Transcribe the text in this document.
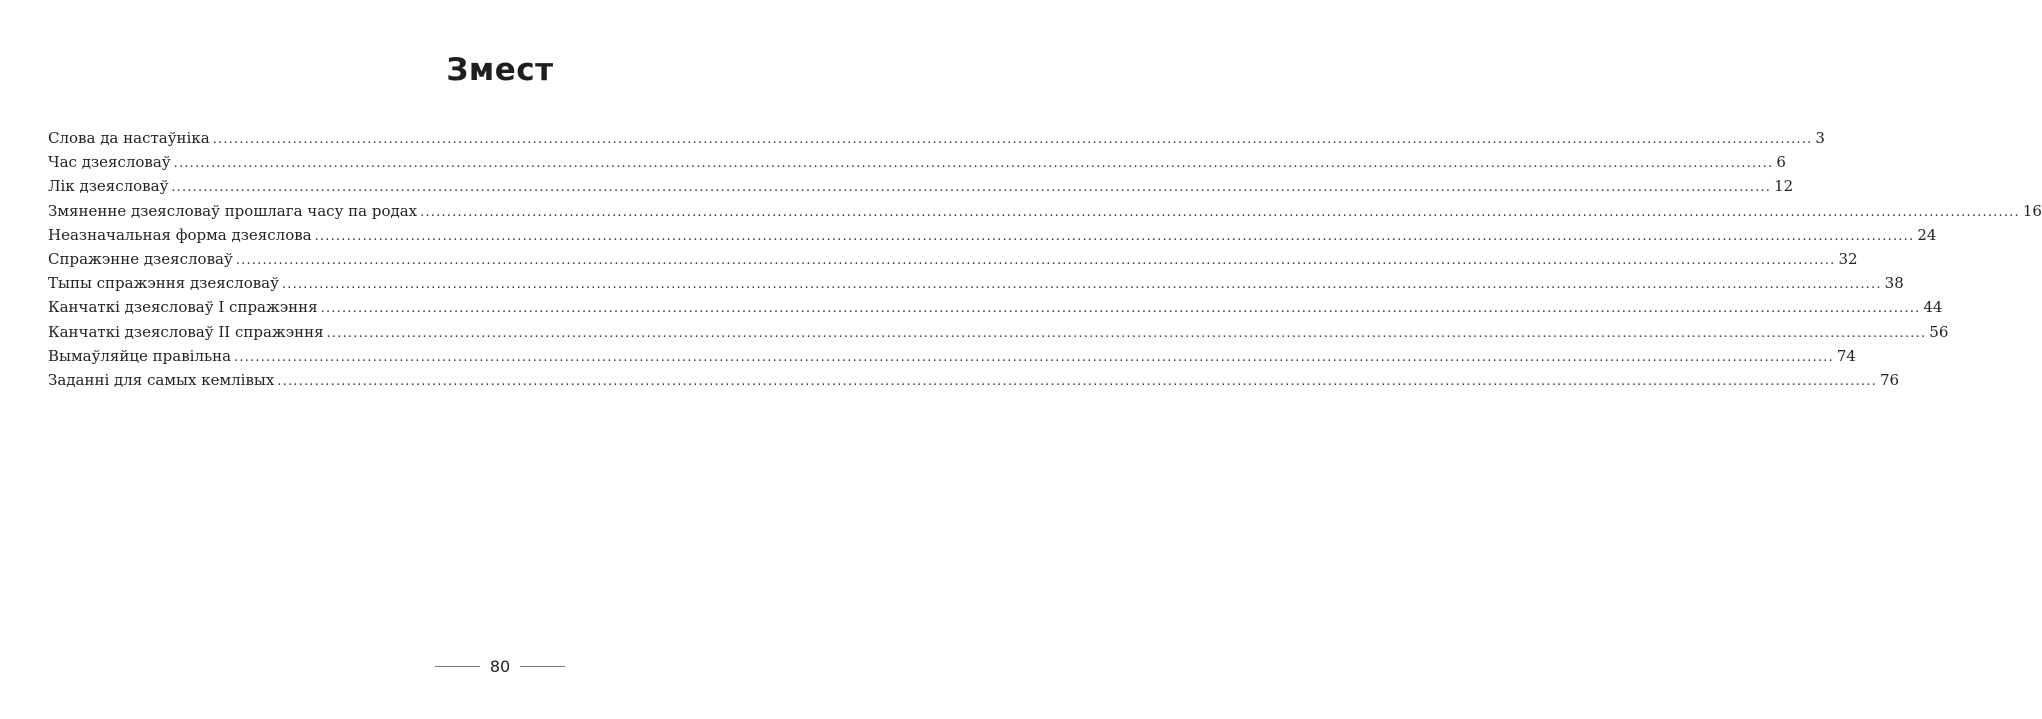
Змест
Слова да настаўніка ............................................................................................................................................................................................................................................................................................................ 3
Час дзеясловаў ............................................................................................................................................................................................................................................................................................................ 6
Лік дзеясловаў ............................................................................................................................................................................................................................................................................................................ 12
Змяненне дзеясловаў прошлага часу па родах ............................................................................................................................................................................................................................................................................................................ 16
Неазначальная форма дзеяслова ............................................................................................................................................................................................................................................................................................................ 24
Спражэнне дзеясловаў ............................................................................................................................................................................................................................................................................................................ 32
Тыпы спражэння дзеясловаў ............................................................................................................................................................................................................................................................................................................ 38
Канчаткі дзеясловаў I спражэння ............................................................................................................................................................................................................................................................................................................ 44
Канчаткі дзеясловаў II спражэння ............................................................................................................................................................................................................................................................................................................ 56
Вымаўляйце правільна ............................................................................................................................................................................................................................................................................................................ 74
Заданні для самых кемлівых ............................................................................................................................................................................................................................................................................................................ 76
80
